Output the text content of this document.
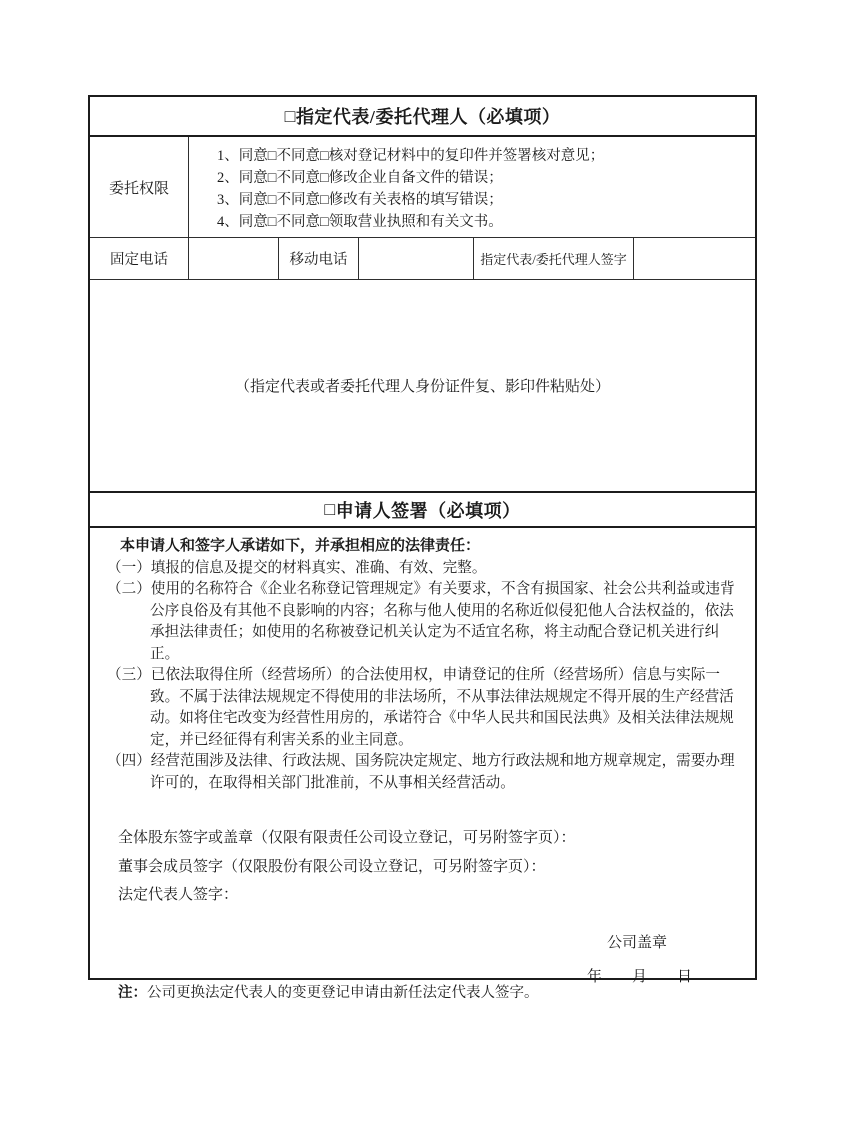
□ 指定代表/委托代理人（必填项）
委托权限
1、同意□不同意□核对登记材料中的复印件并签署核对意见；
2、同意□不同意□修改企业自备文件的错误；
3、同意□不同意□修改有关表格的填写错误；
4、同意□不同意□领取营业执照和有关文书。
固定电话	移动电话	指定代表/委托代理人签字
（指定代表或者委托代理人身份证件复、影印件粘贴处）
□ 申请人签署（必填项）
本申请人和签字人承诺如下，并承担相应的法律责任：
（一）填报的信息及提交的材料真实、准确、有效、完整。
（二）使用的名称符合《企业名称登记管理规定》有关要求，不含有损国家、社会公共利益或违背公序良俗及有其他不良影响的内容；名称与他人使用的名称近似侵犯他人合法权益的，依法承担法律责任；如使用的名称被登记机关认定为不适宜名称，将主动配合登记机关进行纠正。
（三）已依法取得住所（经营场所）的合法使用权，申请登记的住所（经营场所）信息与实际一致。不属于法律法规规定不得使用的非法场所，不从事法律法规规定不得开展的生产经营活动。如将住宅改变为经营性用房的，承诺符合《中华人民共和国民法典》及相关法律法规规定，并已经征得有利害关系的业主同意。
（四）经营范围涉及法律、行政法规、国务院决定规定、地方行政法规和地方规章规定，需要办理许可的，在取得相关部门批准前，不从事相关经营活动。
全体股东签字或盖章（仅限有限责任公司设立登记，可另附签字页）：
董事会成员签字（仅限股份有限公司设立登记，可另附签字页）：
法定代表人签字：
公司盖章
年　　月　　日
注：公司更换法定代表人的变更登记申请由新任法定代表人签字。
